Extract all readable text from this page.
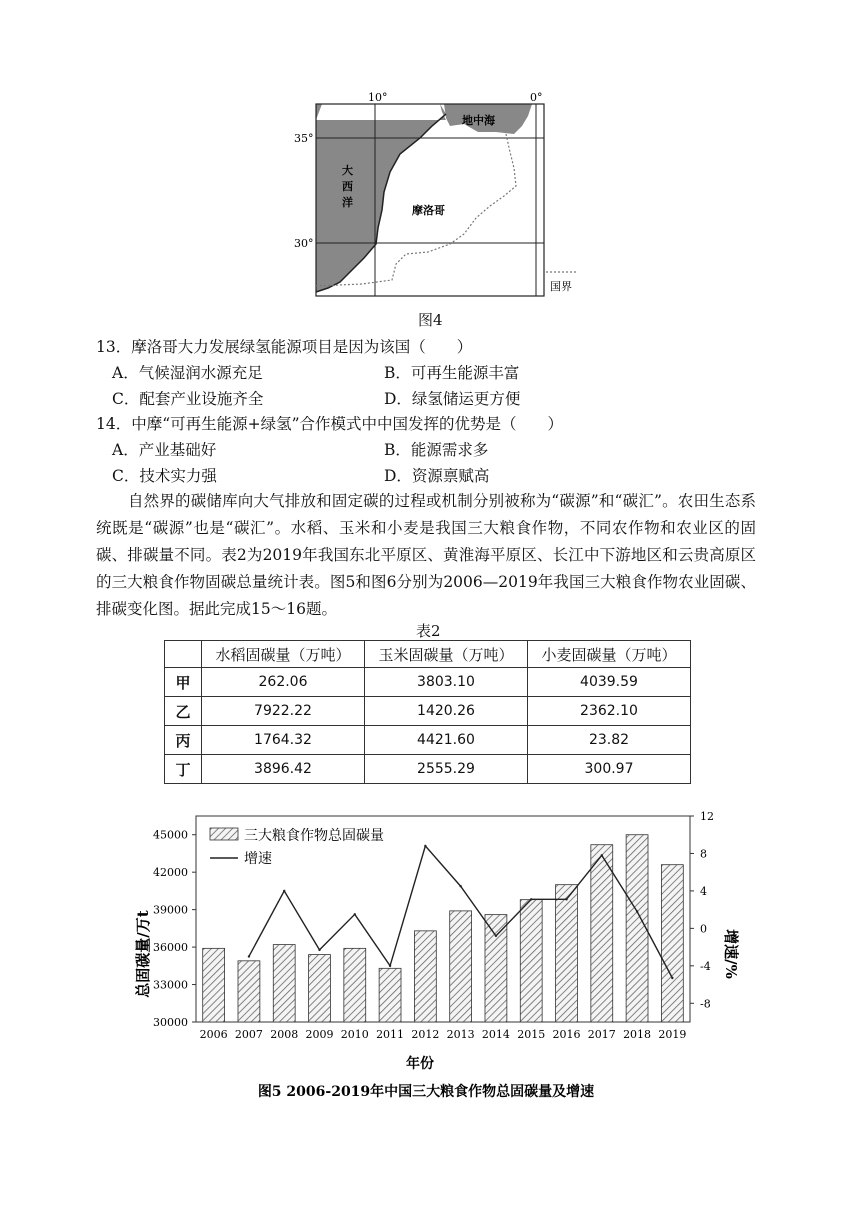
10°	0°
35°
30°
地中海
大
西
洋
摩洛哥
国界
图4
13．摩洛哥大力发展绿氢能源项目是因为该国（　　）
A．气候湿润水源充足	B．可再生能源丰富
C．配套产业设施齐全	D．绿氢储运更方便
14．中摩“可再生能源+绿氢”合作模式中中国发挥的优势是（　　）
A．产业基础好	B．能源需求多
C．技术实力强	D．资源禀赋高

自然界的碳储库向大气排放和固定碳的过程或机制分别被称为“碳源”和“碳汇”。农田生态系统既是“碳源”也是“碳汇”。水稻、玉米和小麦是我国三大粮食作物，不同农作物和农业区的固碳、排碳量不同。表2为2019年我国东北平原区、黄淮海平原区、长江中下游地区和云贵高原区的三大粮食作物固碳总量统计表。图5和图6分别为2006—2019年我国三大粮食作物农业固碳、排碳变化图。据此完成15～16题。

表2
	水稻固碳量（万吨）	玉米固碳量（万吨）	小麦固碳量（万吨）
甲	262.06	3803.10	4039.59
乙	7922.22	1420.26	2362.10
丙	1764.32	4421.60	23.82
丁	3896.42	2555.29	300.97
30000
33000
36000
39000
42000
45000
-8
-4
0
4
8
12
2006 2007 2008 2009 2010 2011 2012 2013 2014 2015 2016 2017 2018 2019
三大粮食作物总固碳量
增速
总固碳量/万t	增速/%
年份
图5 2006-2019年中国三大粮食作物总固碳量及增速
